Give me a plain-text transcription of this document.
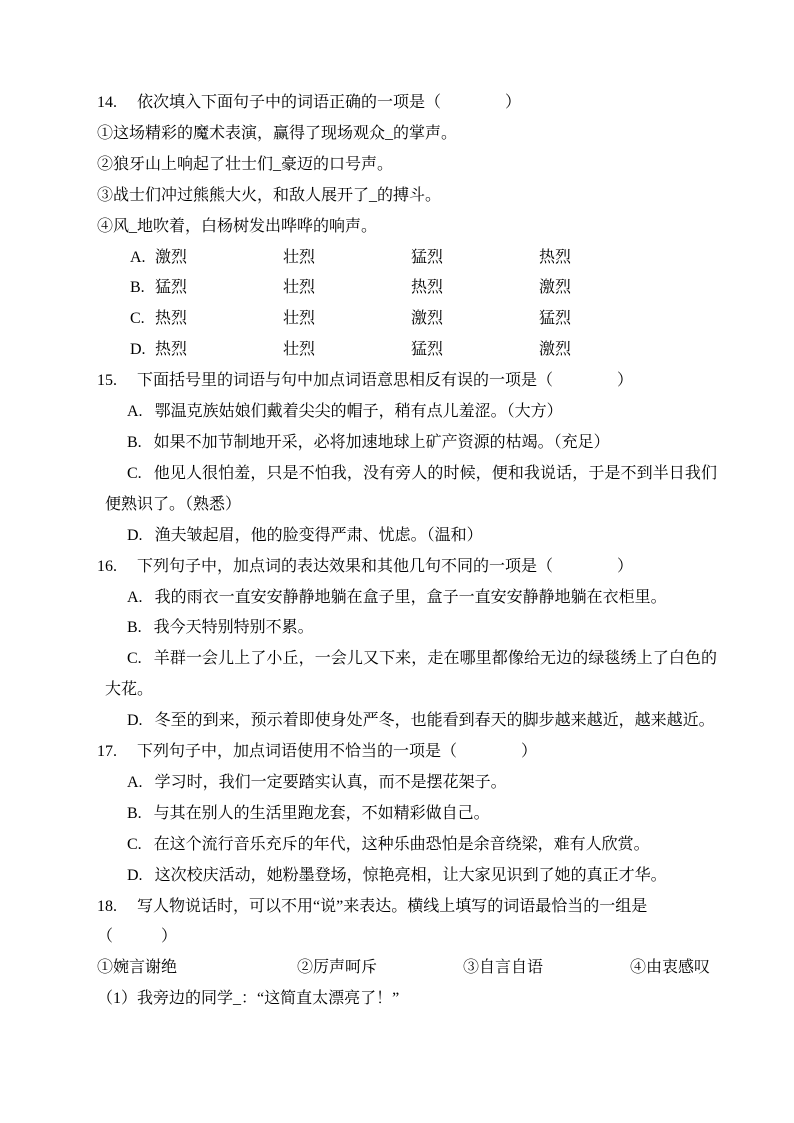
14. 依次填入下面句子中的词语正确的一项是（　　　　）

①这场精彩的魔术表演，赢得了现场观众_的掌声。

②狼牙山上响起了壮士们_豪迈的口号声。

③战士们冲过熊熊大火，和敌人展开了_的搏斗。

④风_地吹着，白杨树发出哗哗的响声。

A. 激烈	壮烈	猛烈	热烈
B. 猛烈	壮烈	热烈	激烈
C. 热烈	壮烈	激烈	猛烈
D. 热烈	壮烈	猛烈	激烈

15. 下面括号里的词语与句中加点词语意思相反有误的一项是（　　　　）

A. 鄂温克族姑娘们戴着尖尖的帽子，稍有点儿羞涩。（大方）

B. 如果不加节制地开采，必将加速地球上矿产资源的枯竭。（充足）

C. 他见人很怕羞，只是不怕我，没有旁人的时候，便和我说话，于是不到半日我们便熟识了。（熟悉）

D. 渔夫皱起眉，他的脸变得严肃、忧虑。（温和）

16. 下列句子中，加点词的表达效果和其他几句不同的一项是（　　　　）

A. 我的雨衣一直安安静静地躺在盒子里，盒子一直安安静静地躺在衣柜里。

B. 我今天特别特别不累。

C. 羊群一会儿上了小丘，一会儿又下来，走在哪里都像给无边的绿毯绣上了白色的大花。

D. 冬至的到来，预示着即使身处严冬，也能看到春天的脚步越来越近，越来越近。

17. 下列句子中，加点词语使用不恰当的一项是（　　　　）

A. 学习时，我们一定要踏实认真，而不是摆花架子。

B. 与其在别人的生活里跑龙套，不如精彩做自己。

C. 在这个流行音乐充斥的年代，这种乐曲恐怕是余音绕梁，难有人欣赏。

D. 这次校庆活动，她粉墨登场，惊艳亮相，让大家见识到了她的真正才华。

18. 写人物说话时，可以不用“说”来表达。横线上填写的词语最恰当的一组是

（　　　）

①婉言谢绝	②厉声呵斥	③自言自语	④由衷感叹

（1）我旁边的同学_：“这简直太漂亮了！”
